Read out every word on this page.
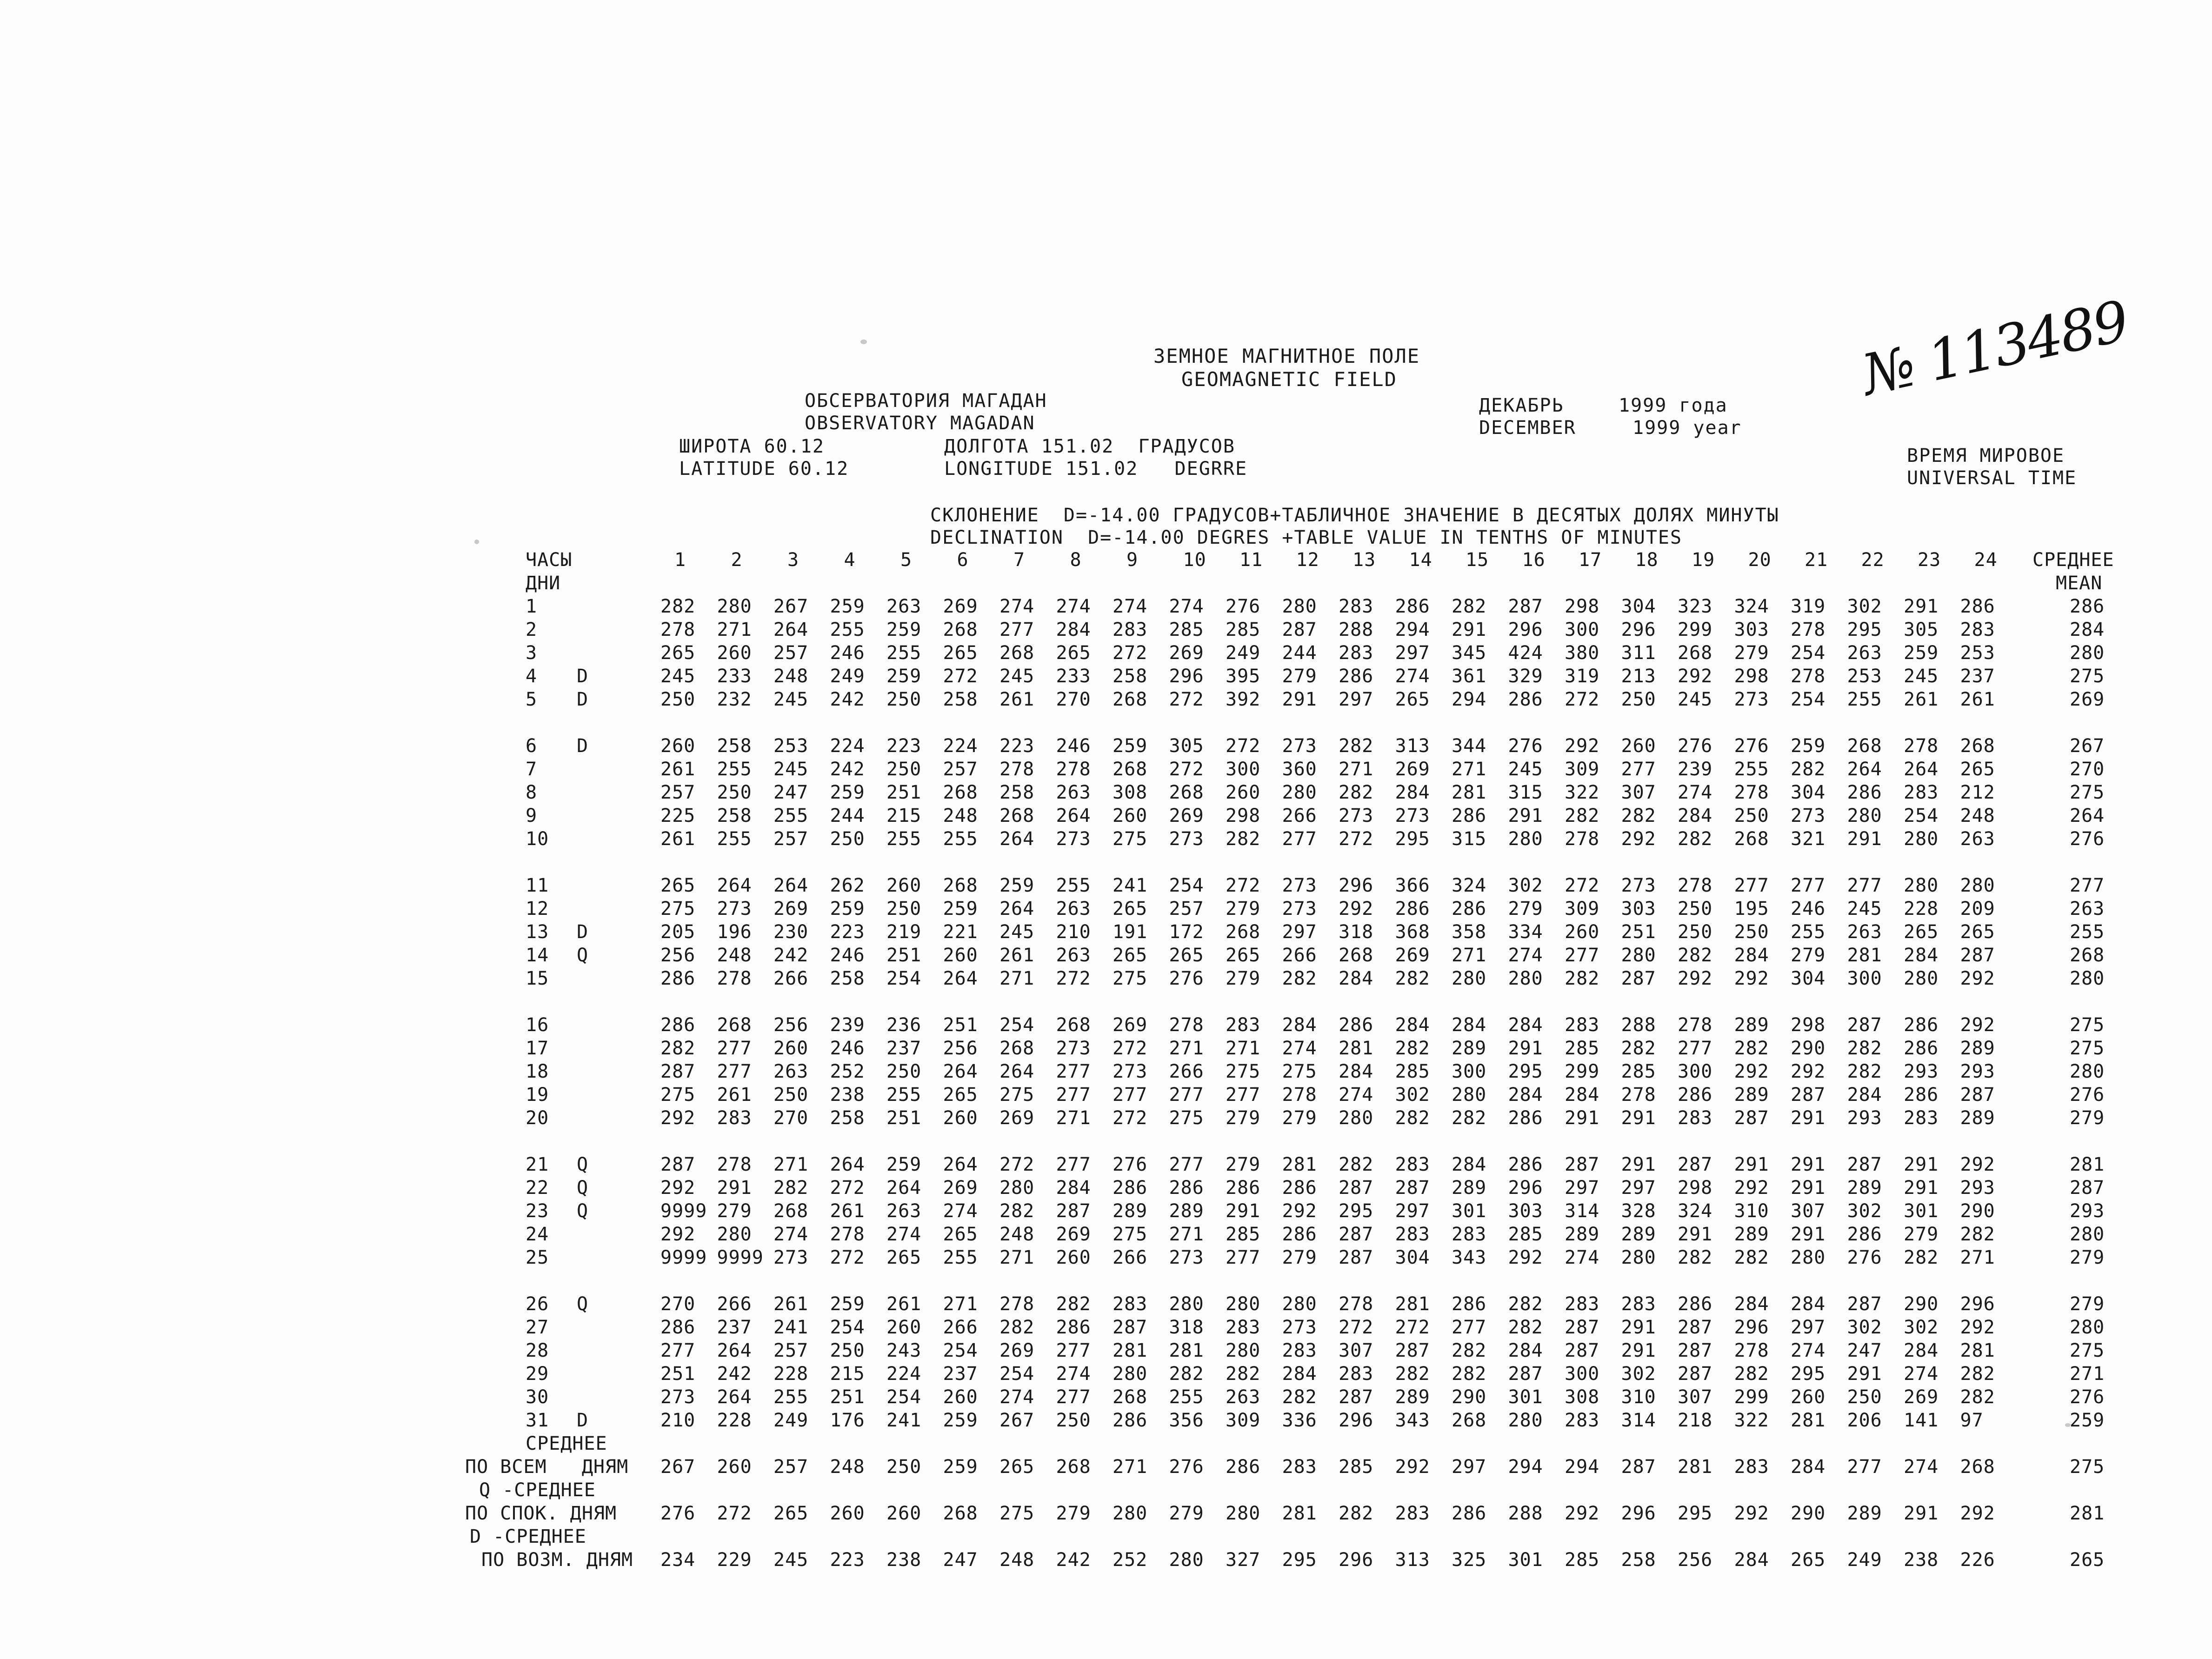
ЗЕМНОЕ МАГНИТНОЕ ПОЛЕ
GEOMAGNETIC FIELD
ОБСЕРВАТОРИЯ МАГАДАН
OBSERVATORY MAGADAN
ДЕКАБРЬ	1999 года
DECEMBER	1999 year
№ 113489
ШИРОТА 60.12
LATITUDE 60.12
ДОЛГОТА 151.02  ГРАДУСОВ
LONGITUDE 151.02   DEGRRE
ВРЕМЯ МИРОВОЕ
UNIVERSAL TIME
СКЛОНЕНИЕ  D=-14.00 ГРАДУСОВ+ТАБЛИЧНОЕ ЗНАЧЕНИЕ В ДЕСЯТЫХ ДОЛЯХ МИНУТЫ
DECLINATION  D=-14.00 DEGRES +TABLE VALUE IN TENTHS OF MINUTES
ЧАСЫ	1 2 3 4 5 6 7 8 9 10 11 12 13 14 15 16 17 18 19 20 21 22 23 24 СРЕДНЕЕ
ДНИ	MEAN
1	282 280 267 259 263 269 274 274 274 274 276 280 283 286 282 287 298 304 323 324 319 302 291 286	286
2	278 271 264 255 259 268 277 284 283 285 285 287 288 294 291 296 300 296 299 303 278 295 305 283	284
3	265 260 257 246 255 265 268 265 272 269 249 244 283 297 345 424 380 311 268 279 254 263 259 253	280
4 D	245 233 248 249 259 272 245 233 258 296 395 279 286 274 361 329 319 213 292 298 278 253 245 237	275
5 D	250 232 245 242 250 258 261 270 268 272 392 291 297 265 294 286 272 250 245 273 254 255 261 261	269
6 D	260 258 253 224 223 224 223 246 259 305 272 273 282 313 344 276 292 260 276 276 259 268 278 268	267
7	261 255 245 242 250 257 278 278 268 272 300 360 271 269 271 245 309 277 239 255 282 264 264 265	270
8	257 250 247 259 251 268 258 263 308 268 260 280 282 284 281 315 322 307 274 278 304 286 283 212	275
9	225 258 255 244 215 248 268 264 260 269 298 266 273 273 286 291 282 282 284 250 273 280 254 248	264
10	261 255 257 250 255 255 264 273 275 273 282 277 272 295 315 280 278 292 282 268 321 291 280 263	276
11	265 264 264 262 260 268 259 255 241 254 272 273 296 366 324 302 272 273 278 277 277 277 280 280	277
12	275 273 269 259 250 259 264 263 265 257 279 273 292 286 286 279 309 303 250 195 246 245 228 209	263
13 D	205 196 230 223 219 221 245 210 191 172 268 297 318 368 358 334 260 251 250 250 255 263 265 265	255
14 Q	256 248 242 246 251 260 261 263 265 265 265 266 268 269 271 274 277 280 282 284 279 281 284 287	268
15	286 278 266 258 254 264 271 272 275 276 279 282 284 282 280 280 282 287 292 292 304 300 280 292	280
16	286 268 256 239 236 251 254 268 269 278 283 284 286 284 284 284 283 288 278 289 298 287 286 292	275
17	282 277 260 246 237 256 268 273 272 271 271 274 281 282 289 291 285 282 277 282 290 282 286 289	275
18	287 277 263 252 250 264 264 277 273 266 275 275 284 285 300 295 299 285 300 292 292 282 293 293	280
19	275 261 250 238 255 265 275 277 277 277 277 278 274 302 280 284 284 278 286 289 287 284 286 287	276
20	292 283 270 258 251 260 269 271 272 275 279 279 280 282 282 286 291 291 283 287 291 293 283 289	279
21 Q	287 278 271 264 259 264 272 277 276 277 279 281 282 283 284 286 287 291 287 291 291 287 291 292	281
22 Q	292 291 282 272 264 269 280 284 286 286 286 286 287 287 289 296 297 297 298 292 291 289 291 293	287
23 Q	9999 279 268 261 263 274 282 287 289 289 291 292 295 297 301 303 314 328 324 310 307 302 301 290	293
24	292 280 274 278 274 265 248 269 275 271 285 286 287 283 283 285 289 289 291 289 291 286 279 282	280
25	9999 9999 273 272 265 255 271 260 266 273 277 279 287 304 343 292 274 280 282 282 280 276 282 271	279
26 Q	270 266 261 259 261 271 278 282 283 280 280 280 278 281 286 282 283 283 286 284 284 287 290 296	279
27	286 237 241 254 260 266 282 286 287 318 283 273 272 272 277 282 287 291 287 296 297 302 302 292	280
28	277 264 257 250 243 254 269 277 281 281 280 283 307 287 282 284 287 291 287 278 274 247 284 281	275
29	251 242 228 215 224 237 254 274 280 282 282 284 283 282 282 287 300 302 287 282 295 291 274 282	271
30	273 264 255 251 254 260 274 277 268 255 263 282 287 289 290 301 308 310 307 299 260 250 269 282	276
31 D	210 228 249 176 241 259 267 250 286 356 309 336 296 343 268 280 283 314 218 322 281 206 141 97	259
СРЕДНЕЕ
ПО ВСЕМ   ДНЯМ 267 260 257 248 250 259 265 268 271 276 286 283 285 292 297 294 294 287 281 283 284 277 274 268	275
Q -СРЕДНЕЕ
ПО СПОК. ДНЯМ 276 272 265 260 260 268 275 279 280 279 280 281 282 283 286 288 292 296 295 292 290 289 291 292	281
D -СРЕДНЕЕ
ПО ВОЗМ. ДНЯМ 234 229 245 223 238 247 248 242 252 280 327 295 296 313 325 301 285 258 256 284 265 249 238 226	265
